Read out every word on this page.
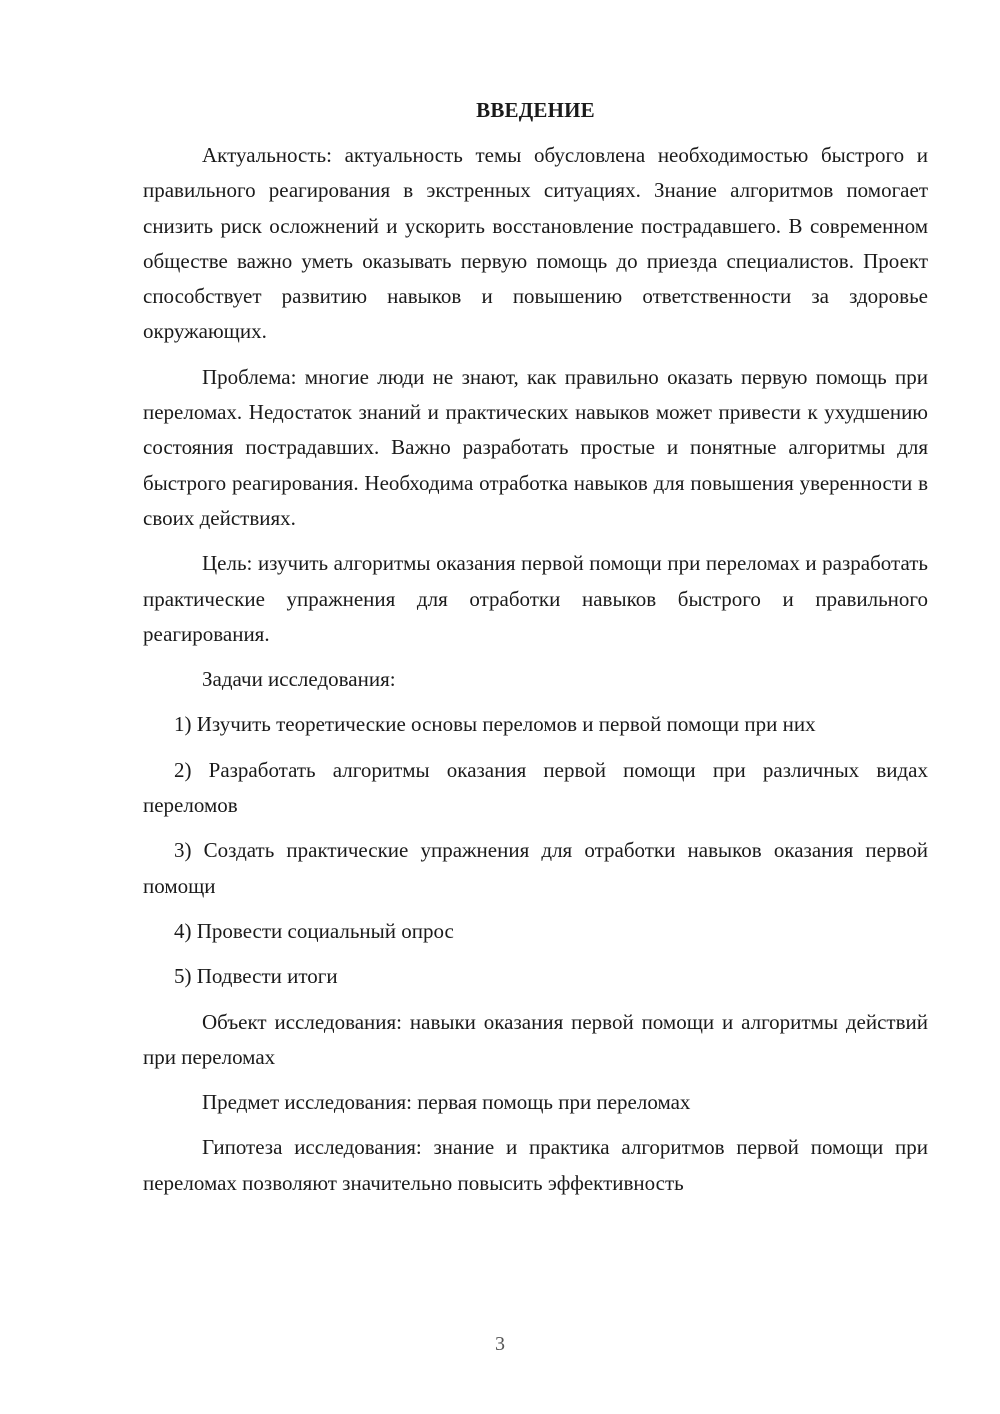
ВВЕДЕНИЕ

Актуальность: актуальность темы обусловлена необходимостью быстрого и правильного реагирования в экстренных ситуациях. Знание алгоритмов помогает снизить риск осложнений и ускорить восстановление пострадавшего. В современном обществе важно уметь оказывать первую помощь до приезда специалистов. Проект способствует развитию навыков и повышению ответственности за здоровье окружающих.

Проблема: многие люди не знают, как правильно оказать первую помощь при переломах. Недостаток знаний и практических навыков может привести к ухудшению состояния пострадавших. Важно разработать простые и понятные алгоритмы для быстрого реагирования. Необходима отработка навыков для повышения уверенности в своих действиях.

Цель: изучить алгоритмы оказания первой помощи при переломах и разработать практические упражнения для отработки навыков быстрого и правильного реагирования.

Задачи исследования:

1) Изучить теоретические основы переломов и первой помощи при них

2) Разработать алгоритмы оказания первой помощи при различных видах переломов

3) Создать практические упражнения для отработки навыков оказания первой помощи

4) Провести социальный опрос

5) Подвести итоги

Объект исследования: навыки оказания первой помощи и алгоритмы действий при переломах

Предмет исследования: первая помощь при переломах

Гипотеза исследования: знание и практика алгоритмов первой помощи при переломах позволяют значительно повысить эффективность

3
